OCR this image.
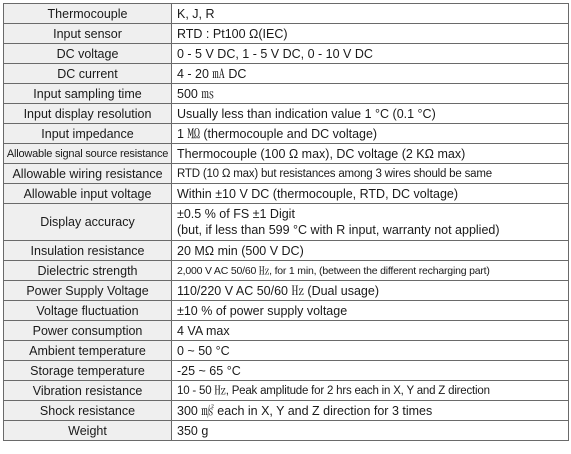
Thermocouple	K, J, R
Input sensor	RTD : Pt100 Ω(IEC)
DC voltage	0 - 5 V DC, 1 - 5 V DC, 0 - 10 V DC
DC current	4 - 20 ㎃ DC
Input sampling time	500 ㎳
Input display resolution	Usually less than indication value 1 °C (0.1 °C)
Input impedance	1 ㏁ (thermocouple and DC voltage)
Allowable signal source resistance	Thermocouple (100 Ω max), DC voltage (2 KΩ max)
Allowable wiring resistance	RTD (10 Ω max) but resistances among 3 wires should be same
Allowable input voltage	Within ±10 V DC (thermocouple, RTD, DC voltage)
Display accuracy	±0.5 % of FS ±1 Digit
(but, if less than 599 °C with R input, warranty not applied)

Insulation resistance	20 MΩ min (500 V DC)
Dielectric strength	2,000 V AC 50/60 ㎐, for 1 min, (between the different recharging part)
Power Supply Voltage	110/220 V AC 50/60 ㎐ (Dual usage)
Voltage fluctuation	±10 % of power supply voltage
Power consumption	4 VA max
Ambient temperature	0 ~ 50 °C
Storage temperature	-25 ~ 65 °C
Vibration resistance	10 - 50 ㎐, Peak amplitude for 2 hrs each in X, Y and Z direction
Shock resistance	300 ㎨ each in X, Y and Z direction for 3 times
Weight	350 g
